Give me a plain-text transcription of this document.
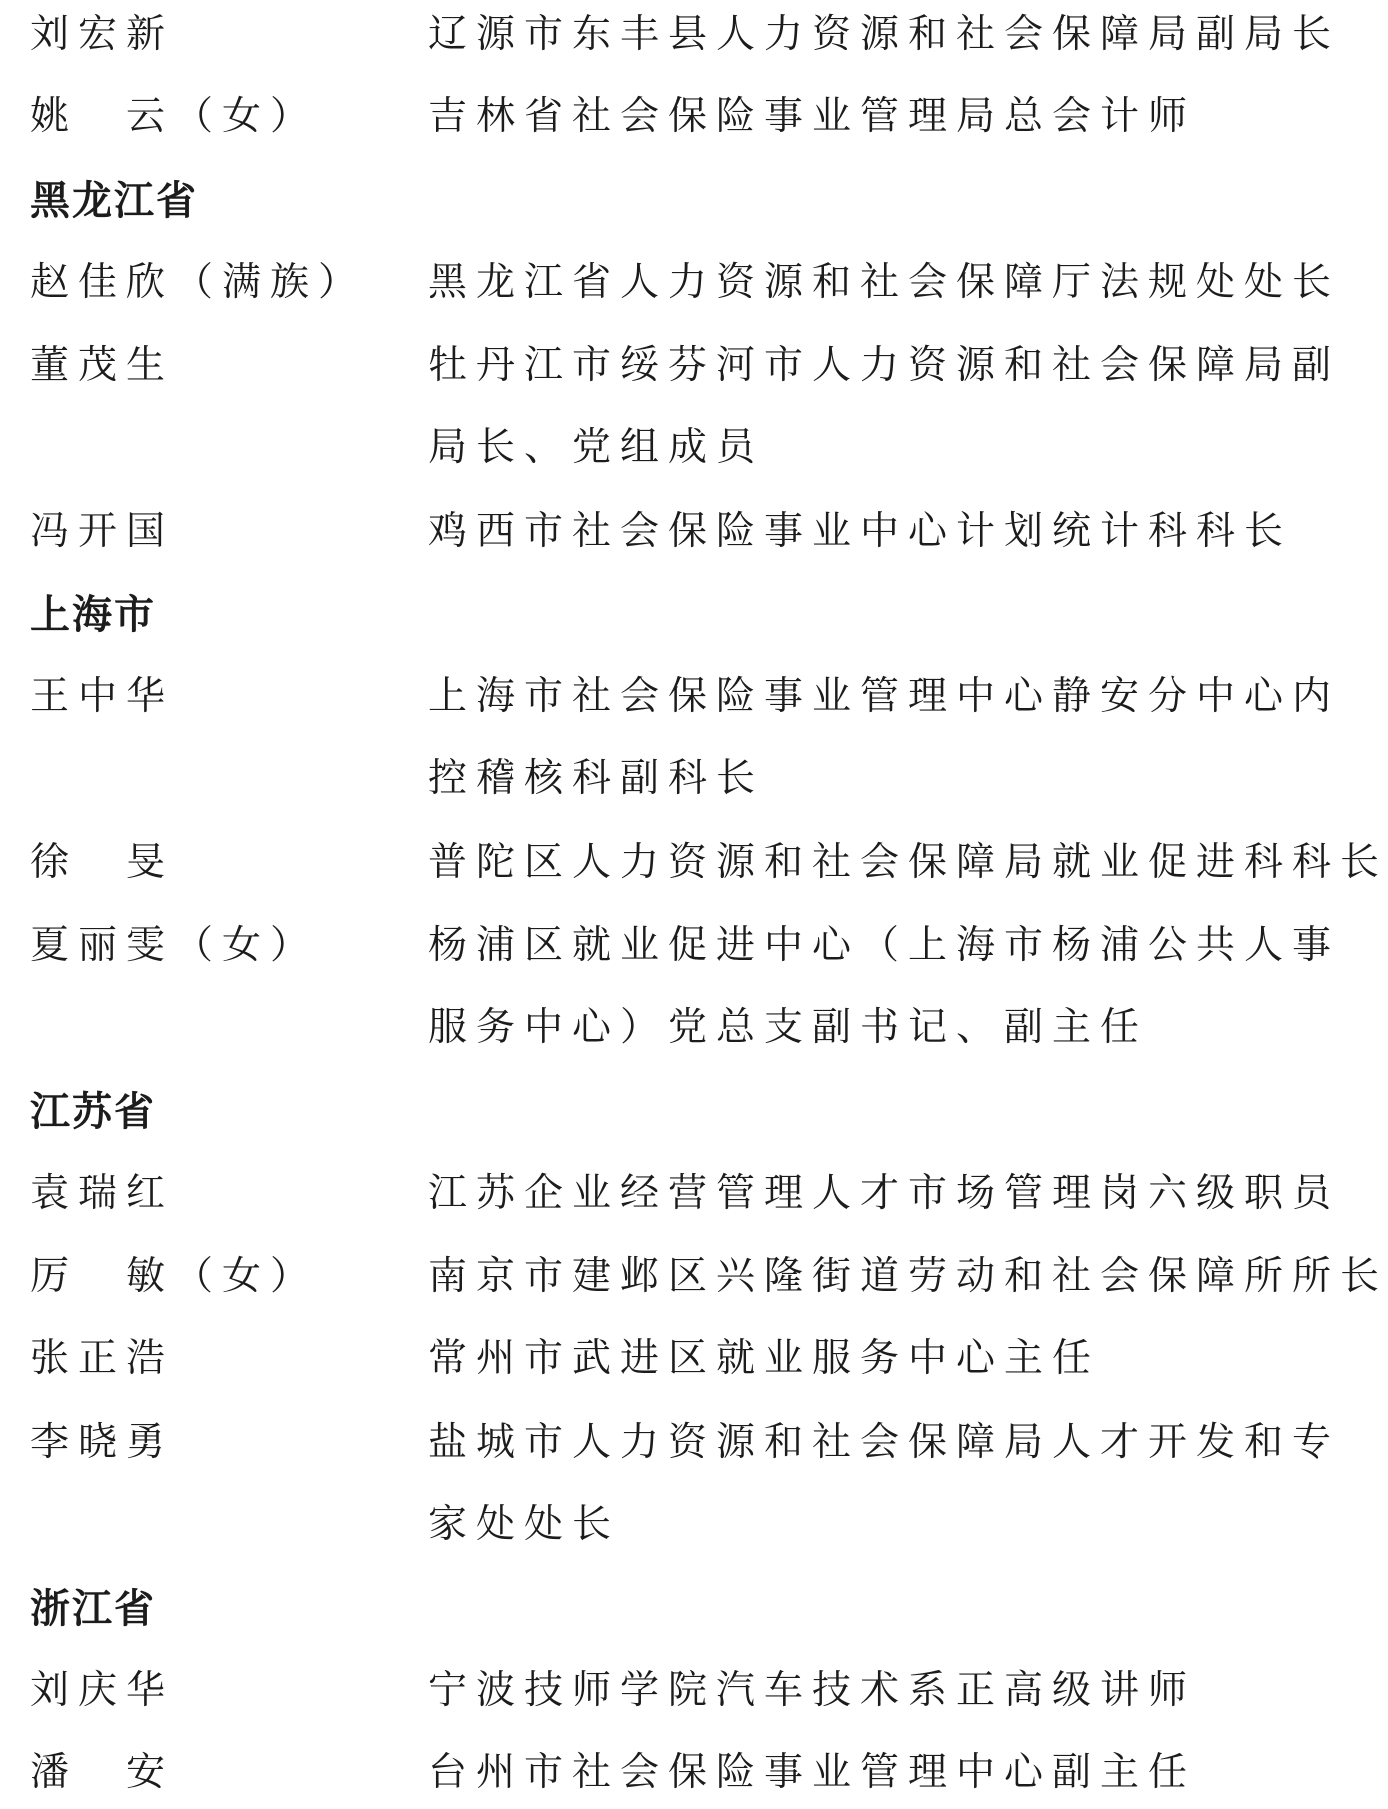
刘宏新	辽源市东丰县人力资源和社会保障局副局长
姚　云（女）	吉林省社会保险事业管理局总会计师
黑龙江省
赵佳欣（满族） 黑龙江省人力资源和社会保障厅法规处处长
董茂生	牡丹江市绥芬河市人力资源和社会保障局副
局长、党组成员
冯开国	鸡西市社会保险事业中心计划统计科科长
上海市
王中华	上海市社会保险事业管理中心静安分中心内
控稽核科副科长
徐　旻	普陀区人力资源和社会保障局就业促进科科长
夏丽雯（女）	杨浦区就业促进中心（上海市杨浦公共人事
服务中心）党总支副书记、副主任
江苏省
袁瑞红	江苏企业经营管理人才市场管理岗六级职员
厉　敏（女）	南京市建邺区兴隆街道劳动和社会保障所所长
张正浩	常州市武进区就业服务中心主任
李晓勇	盐城市人力资源和社会保障局人才开发和专
家处处长
浙江省
刘庆华	宁波技师学院汽车技术系正高级讲师
潘　安	台州市社会保险事业管理中心副主任
